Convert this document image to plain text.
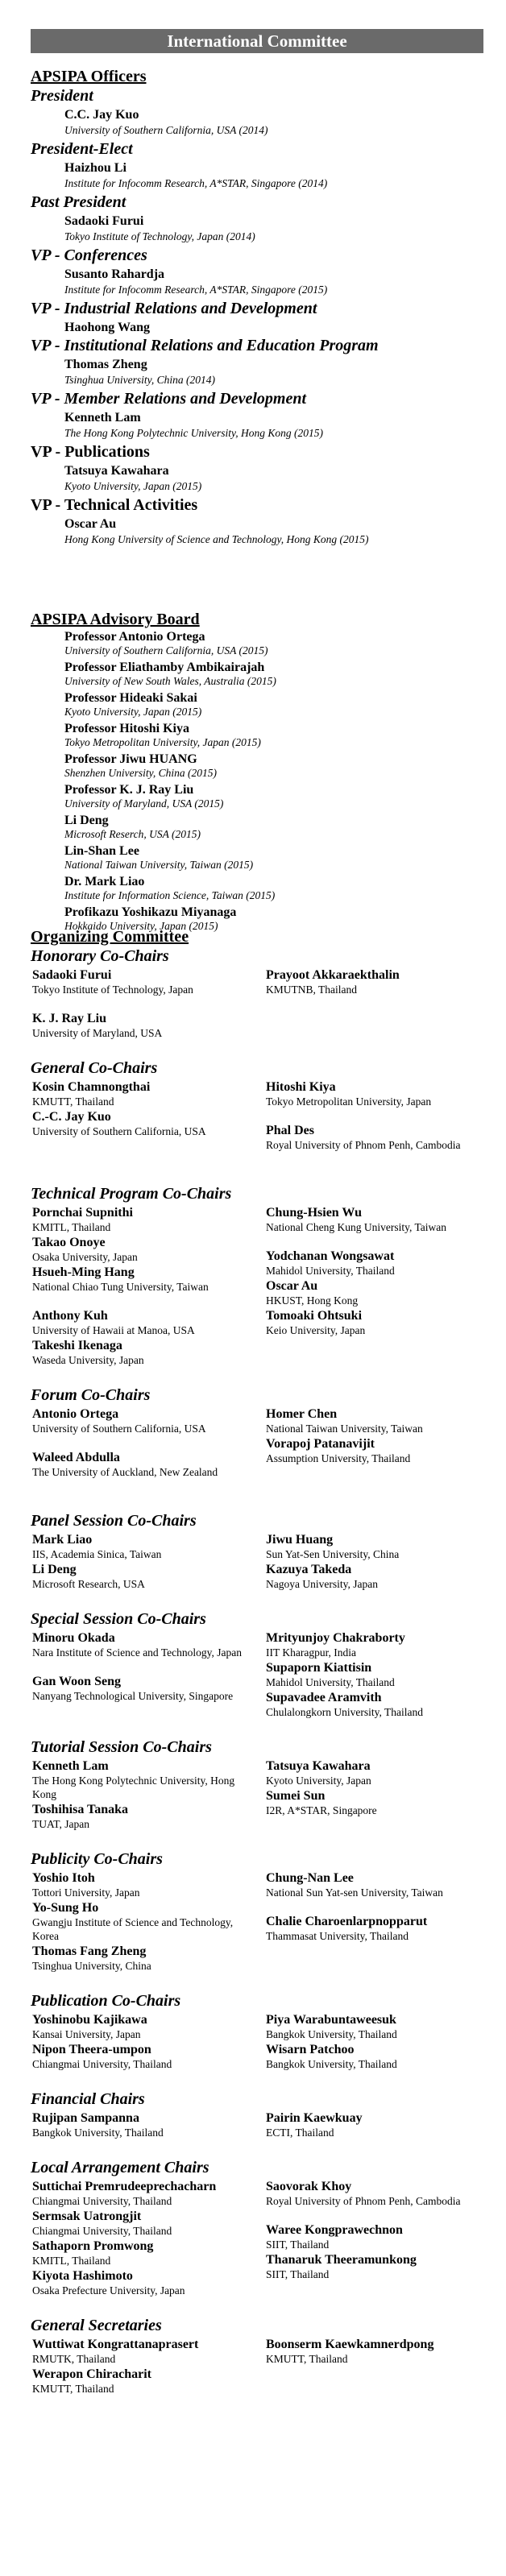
International Committee
APSIPA Officers
President
C.C. Jay Kuo
University of Southern California, USA (2014)
President-Elect
Haizhou Li
Institute for Infocomm Research, A*STAR, Singapore (2014)
Past President
Sadaoki Furui
Tokyo Institute of Technology, Japan (2014)
VP - Conferences
Susanto Rahardja
Institute for Infocomm Research, A*STAR, Singapore (2015)
VP - Industrial Relations and Development
Haohong Wang
VP - Institutional Relations and Education Program
Thomas Zheng
Tsinghua University, China (2014)
VP - Member Relations and Development
Kenneth Lam
The Hong Kong Polytechnic University, Hong Kong (2015)
VP - Publications
Tatsuya Kawahara
Kyoto University, Japan (2015)
VP - Technical Activities
Oscar Au
Hong Kong University of Science and Technology, Hong Kong (2015)
APSIPA Advisory Board
Professor Antonio Ortega
University of Southern California, USA (2015)
Professor Eliathamby Ambikairajah
University of New South Wales, Australia (2015)
Professor Hideaki Sakai
Kyoto University, Japan (2015)
Professor Hitoshi Kiya
Tokyo Metropolitan University, Japan (2015)
Professor Jiwu HUANG
Shenzhen University, China (2015)
Professor K. J. Ray Liu
University of Maryland, USA (2015)
Li Deng
Microsoft Reserch, USA (2015)
Lin-Shan Lee
National Taiwan University, Taiwan (2015)
Dr. Mark Liao
Institute for Information Science, Taiwan (2015)
Profikazu Yoshikazu Miyanaga
Hokkaido University, Japan (2015)
Organizing Committee
Honorary Co-Chairs
Sadaoki Furui
Tokyo Institute of Technology, Japan
K. J. Ray Liu
University of Maryland, USA
Prayoot Akkaraekthalin
KMUTNB, Thailand
General Co-Chairs
Kosin Chamnongthai
KMUTT, Thailand
C.-C. Jay Kuo
University of Southern California, USA
Hitoshi Kiya
Tokyo Metropolitan University, Japan
Phal Des
Royal University of Phnom Penh, Cambodia
Technical Program Co-Chairs
Pornchai Supnithi
KMITL, Thailand
Takao Onoye
Osaka University, Japan
Hsueh-Ming Hang
National Chiao Tung University, Taiwan
Anthony Kuh
University of Hawaii at Manoa, USA
Takeshi Ikenaga
Waseda University, Japan
Chung-Hsien Wu
National Cheng Kung University, Taiwan
Yodchanan Wongsawat
Mahidol University, Thailand
Oscar Au
HKUST, Hong Kong
Tomoaki Ohtsuki
Keio University, Japan
Forum Co-Chairs
Antonio Ortega
University of Southern California, USA
Waleed Abdulla
The University of Auckland, New Zealand
Homer Chen
National Taiwan University, Taiwan
Vorapoj Patanavijit
Assumption University, Thailand
Panel Session Co-Chairs
Mark Liao
IIS, Academia Sinica, Taiwan
Li Deng
Microsoft Research, USA
Jiwu Huang
Sun Yat-Sen University, China
Kazuya Takeda
Nagoya University, Japan
Special Session Co-Chairs
Minoru Okada
Nara Institute of Science and Technology, Japan
Gan Woon Seng
Nanyang Technological University, Singapore
Mrityunjoy Chakraborty
IIT Kharagpur, India
Supaporn Kiattisin
Mahidol University, Thailand
Supavadee Aramvith
Chulalongkorn University, Thailand
Tutorial Session Co-Chairs
Kenneth Lam
The Hong Kong Polytechnic University, Hong Kong
Toshihisa Tanaka
TUAT, Japan
Tatsuya Kawahara
Kyoto University, Japan
Sumei Sun
I2R, A*STAR, Singapore
Publicity Co-Chairs
Yoshio Itoh
Tottori University, Japan
Yo-Sung Ho
Gwangju Institute of Science and Technology, Korea
Thomas Fang Zheng
Tsinghua University, China
Chung-Nan Lee
National Sun Yat-sen University, Taiwan
Chalie Charoenlarpnopparut
Thammasat University, Thailand
Publication Co-Chairs
Yoshinobu Kajikawa
Kansai University, Japan
Nipon Theera-umpon
Chiangmai University, Thailand
Piya Warabuntaweesuk
Bangkok University, Thailand
Wisarn Patchoo
Bangkok University, Thailand
Financial Chairs
Rujipan Sampanna
Bangkok University, Thailand
Pairin Kaewkuay
ECTI, Thailand
Local Arrangement Chairs
Suttichai Premrudeeprechacharn
Chiangmai University, Thailand
Sermsak Uatrongjit
Chiangmai University, Thailand
Sathaporn Promwong
KMITL, Thailand
Kiyota Hashimoto
Osaka Prefecture University, Japan
Saovorak Khoy
Royal University of Phnom Penh, Cambodia
Waree Kongprawechnon
SIIT, Thailand
Thanaruk Theeramunkong
SIIT, Thailand
General Secretaries
Wuttiwat Kongrattanaprasert
RMUTK, Thailand
Werapon Chiracharit
KMUTT, Thailand
Boonserm Kaewkamnerdpong
KMUTT, Thailand
